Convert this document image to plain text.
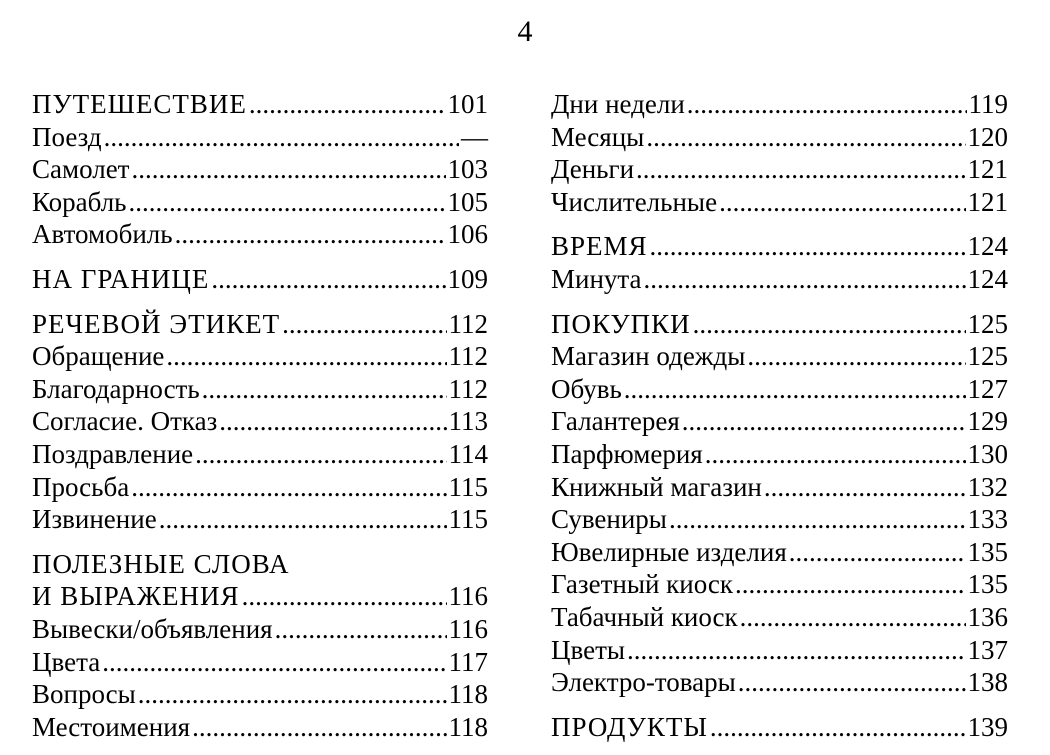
4
ПУТЕШЕСТВИЕ .....	101
Поезд .....	—
Самолет .....	103
Корабль .....	105
Автомобиль .....	106
НА ГРАНИЦЕ .....	109
РЕЧЕВОЙ ЭТИКЕТ .....	112
Обращение .....	112
Благодарность .....	112
Согласие. Отказ .....	113
Поздравление .....	114
Просьба .....	115
Извинение .....	115
ПОЛЕЗНЫЕ СЛОВА
И ВЫРАЖЕНИЯ .....	116
Вывески/объявления .....	116
Цвета .....	117
Вопросы .....	118
Местоимения .....	118
Дни недели .....	119
Месяцы .....	120
Деньги .....	121
Числительные .....	121
ВРЕМЯ .....	124
Минута .....	124
ПОКУПКИ .....	125
Магазин одежды .....	125
Обувь .....	127
Галантерея .....	129
Парфюмерия .....	130
Книжный магазин .....	132
Сувениры .....	133
Ювелирные изделия .....	135
Газетный киоск .....	135
Табачный киоск .....	136
Цветы .....	137
Электро-товары .....	138
ПРОДУКТЫ .....	139
